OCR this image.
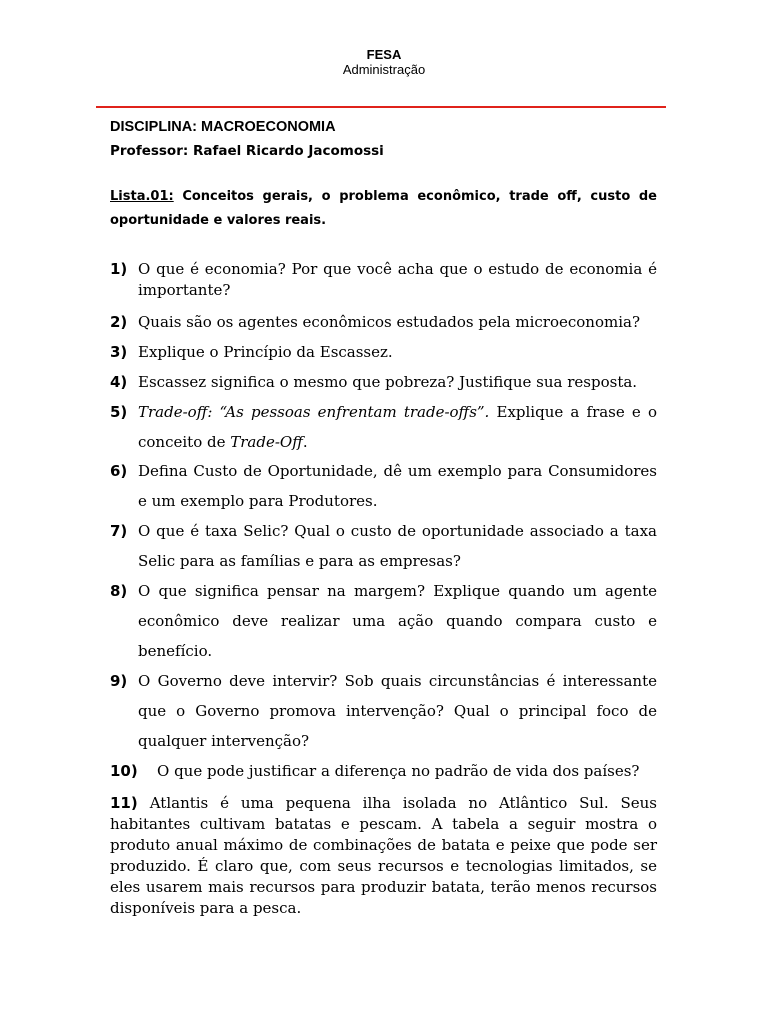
FESA
Administração
DISCIPLINA: MACROECONOMIA
Professor: Rafael Ricardo Jacomossi
Lista.01: Conceitos gerais, o problema econômico, trade off, custo de oportunidade e valores reais.
1) O que é economia? Por que você acha que o estudo de economia é importante?
2) Quais são os agentes econômicos estudados pela microeconomia?
3) Explique o Princípio da Escassez.
4) Escassez significa o mesmo que pobreza? Justifique sua resposta.
5) Trade-off: “As pessoas enfrentam trade-offs”. Explique a frase e o conceito de Trade-Off.
6) Defina Custo de Oportunidade, dê um exemplo para Consumidores e um exemplo para Produtores.
7) O que é taxa Selic? Qual o custo de oportunidade associado a taxa Selic para as famílias e para as empresas?
8) O que significa pensar na margem? Explique quando um agente econômico deve realizar uma ação quando compara custo e benefício.
9) O Governo deve intervir? Sob quais circunstâncias é interessante que o Governo promova intervenção? Qual o principal foco de qualquer intervenção?
10) O que pode justificar a diferença no padrão de vida dos países?
11) Atlantis é uma pequena ilha isolada no Atlântico Sul. Seus habitantes cultivam batatas e pescam. A tabela a seguir mostra o produto anual máximo de combinações de batata e peixe que pode ser produzido. É claro que, com seus recursos e tecnologias limitados, se eles usarem mais recursos para produzir batata, terão menos recursos disponíveis para a pesca.
